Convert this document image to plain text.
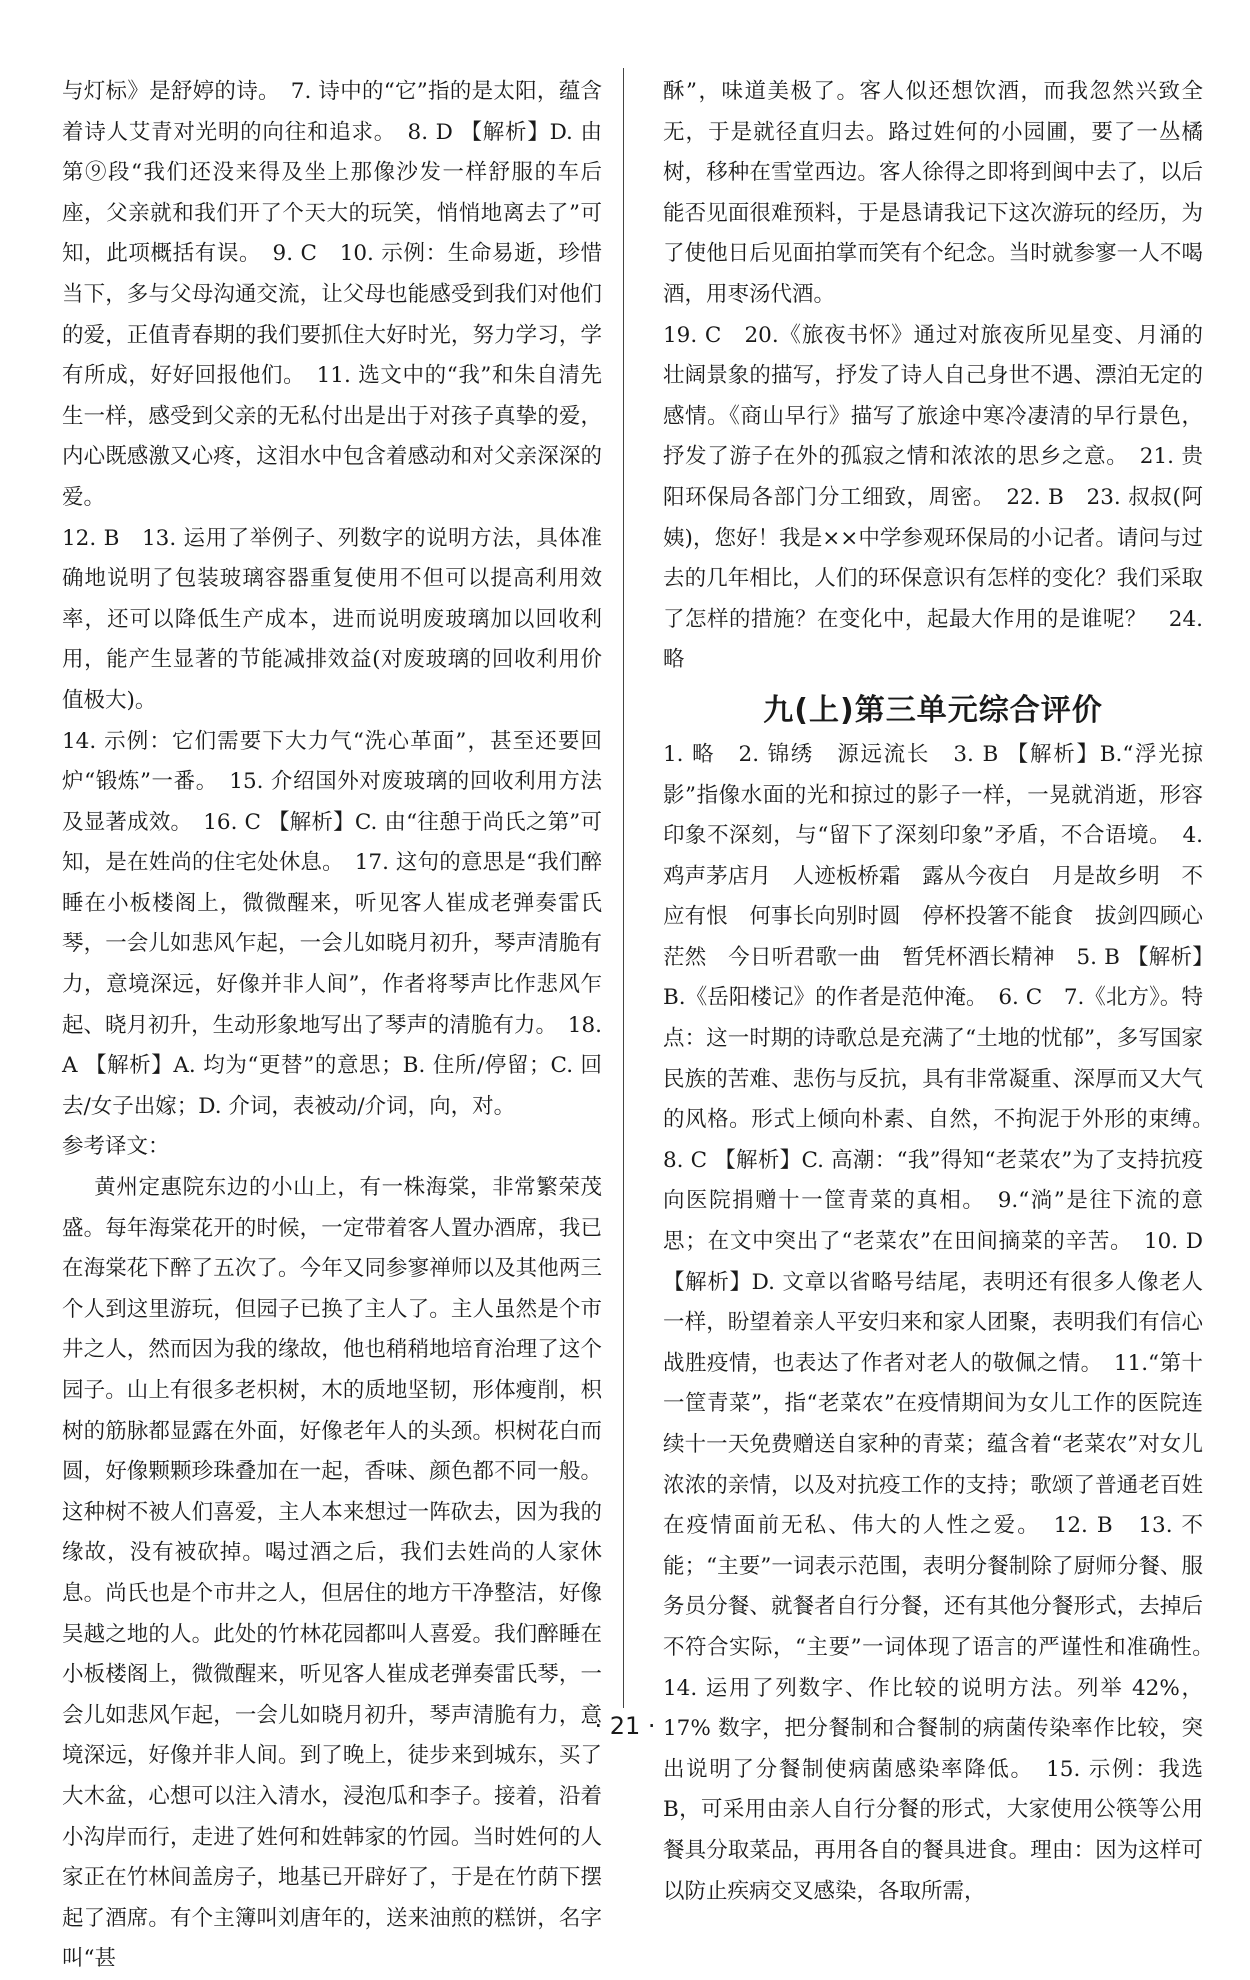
与灯标》是舒婷的诗。　7. 诗中的“它”指的是太阳，蕴含着诗人艾青对光明的向往和追求。　8. D 【解析】D. 由第⑨段“我们还没来得及坐上那像沙发一样舒服的车后座，父亲就和我们开了个天大的玩笑，悄悄地离去了”可知，此项概括有误。　9. C　10. 示例：生命易逝，珍惜当下，多与父母沟通交流，让父母也能感受到我们对他们的爱，正值青春期的我们要抓住大好时光，努力学习，学有所成，好好回报他们。　11. 选文中的“我”和朱自清先生一样，感受到父亲的无私付出是出于对孩子真挚的爱，内心既感激又心疼，这泪水中包含着感动和对父亲深深的爱。

12. B　13. 运用了举例子、列数字的说明方法，具体准确地说明了包装玻璃容器重复使用不但可以提高利用效率，还可以降低生产成本，进而说明废玻璃加以回收利用，能产生显著的节能减排效益(对废玻璃的回收利用价值极大)。

14. 示例：它们需要下大力气“洗心革面”，甚至还要回炉“锻炼”一番。　15. 介绍国外对废玻璃的回收利用方法及显著成效。　16. C 【解析】C. 由“往憩于尚氏之第”可知，是在姓尚的住宅处休息。　17. 这句的意思是“我们醉睡在小板楼阁上，微微醒来，听见客人崔成老弹奏雷氏琴，一会儿如悲风乍起，一会儿如晓月初升，琴声清脆有力，意境深远，好像并非人间”，作者将琴声比作悲风乍起、晓月初升，生动形象地写出了琴声的清脆有力。　18. A 【解析】A. 均为“更替”的意思；B. 住所/停留；C. 回去/女子出嫁；D. 介词，表被动/介词，向，对。

参考译文：

黄州定惠院东边的小山上，有一株海棠，非常繁荣茂盛。每年海棠花开的时候，一定带着客人置办酒席，我已在海棠花下醉了五次了。今年又同参寥禅师以及其他两三个人到这里游玩，但园子已换了主人了。主人虽然是个市井之人，然而因为我的缘故，他也稍稍地培育治理了这个园子。山上有很多老枳树，木的质地坚韧，形体瘦削，枳树的筋脉都显露在外面，好像老年人的头颈。枳树花白而圆，好像颗颗珍珠叠加在一起，香味、颜色都不同一般。这种树不被人们喜爱，主人本来想过一阵砍去，因为我的缘故，没有被砍掉。喝过酒之后，我们去姓尚的人家休息。尚氏也是个市井之人，但居住的地方干净整洁，好像吴越之地的人。此处的竹林花园都叫人喜爱。我们醉睡在小板楼阁上，微微醒来，听见客人崔成老弹奏雷氏琴，一会儿如悲风乍起，一会儿如晓月初升，琴声清脆有力，意境深远，好像并非人间。到了晚上，徒步来到城东，买了大木盆，心想可以注入清水，浸泡瓜和李子。接着，沿着小沟岸而行，走进了姓何和姓韩家的竹园。当时姓何的人家正在竹林间盖房子，地基已开辟好了，于是在竹荫下摆起了酒席。有个主簿叫刘唐年的，送来油煎的糕饼，名字叫“甚

酥”，味道美极了。客人似还想饮酒，而我忽然兴致全无，于是就径直归去。路过姓何的小园圃，要了一丛橘树，移种在雪堂西边。客人徐得之即将到闽中去了，以后能否见面很难预料，于是恳请我记下这次游玩的经历，为了使他日后见面拍掌而笑有个纪念。当时就参寥一人不喝酒，用枣汤代酒。

19. C　20.《旅夜书怀》通过对旅夜所见星变、月涌的壮阔景象的描写，抒发了诗人自己身世不遇、漂泊无定的感情。《商山早行》描写了旅途中寒冷凄清的早行景色，抒发了游子在外的孤寂之情和浓浓的思乡之意。　21. 贵阳环保局各部门分工细致，周密。　22. B　23. 叔叔(阿姨)，您好！我是××中学参观环保局的小记者。请问与过去的几年相比，人们的环保意识有怎样的变化？我们采取了怎样的措施？在变化中，起最大作用的是谁呢？　24. 略

九(上)第三单元综合评价

1. 略　2. 锦绣　源远流长　3. B 【解析】B.“浮光掠影”指像水面的光和掠过的影子一样，一晃就消逝，形容印象不深刻，与“留下了深刻印象”矛盾，不合语境。　4. 鸡声茅店月　人迹板桥霜　露从今夜白　月是故乡明　不应有恨　何事长向别时圆　停杯投箸不能食　拔剑四顾心茫然　今日听君歌一曲　暂凭杯酒长精神　5. B 【解析】B.《岳阳楼记》的作者是范仲淹。　6. C　7.《北方》。特点：这一时期的诗歌总是充满了“土地的忧郁”，多写国家民族的苦难、悲伤与反抗，具有非常凝重、深厚而又大气的风格。形式上倾向朴素、自然，不拘泥于外形的束缚。　8. C 【解析】C. 高潮：“我”得知“老菜农”为了支持抗疫向医院捐赠十一筐青菜的真相。　9.“淌”是往下流的意思；在文中突出了“老菜农”在田间摘菜的辛苦。　10. D 【解析】D. 文章以省略号结尾，表明还有很多人像老人一样，盼望着亲人平安归来和家人团聚，表明我们有信心战胜疫情，也表达了作者对老人的敬佩之情。　11.“第十一筐青菜”，指“老菜农”在疫情期间为女儿工作的医院连续十一天免费赠送自家种的青菜；蕴含着“老菜农”对女儿浓浓的亲情，以及对抗疫工作的支持；歌颂了普通老百姓在疫情面前无私、伟大的人性之爱。　12. B　13. 不能；“主要”一词表示范围，表明分餐制除了厨师分餐、服务员分餐、就餐者自行分餐，还有其他分餐形式，去掉后不符合实际，“主要”一词体现了语言的严谨性和准确性。　14. 运用了列数字、作比较的说明方法。列举 42%，17% 数字，把分餐制和合餐制的病菌传染率作比较，突出说明了分餐制使病菌感染率降低。　15. 示例：我选 B，可采用由亲人自行分餐的形式，大家使用公筷等公用餐具分取菜品，再用各自的餐具进食。理由：因为这样可以防止疾病交叉感染，各取所需，

· 21 ·
